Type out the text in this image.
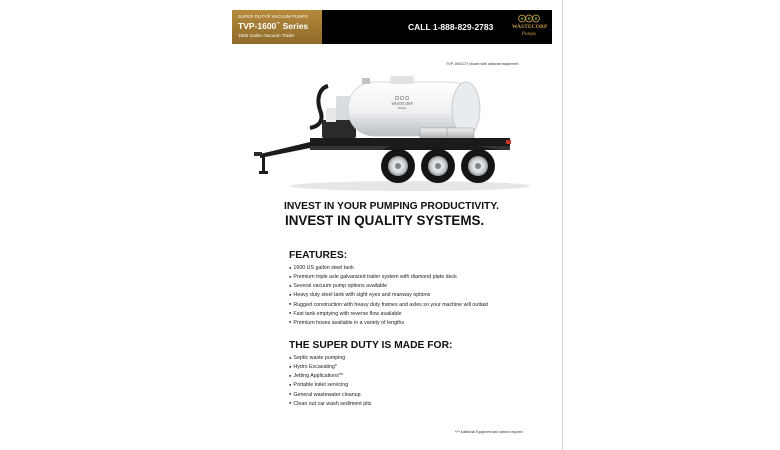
SUPER DUTY® VACUUM PUMPS
TVP-1600™ Series
1600 Gallon Vacuum Trailer
CALL 1-888-829-2783	WASTECORP
Pumps
TVP-1600-DT shown with optional equipment.
WASTECORP
Pumps
INVEST IN YOUR PUMPING PRODUCTIVITY.
INVEST IN QUALITY SYSTEMS.
FEATURES:
● 1600 US gallon steel tank
● Premium triple axle galvanized trailer system with diamond plate deck
● Several vacuum pump options available
● Heavy duty steel tank with sight eyes and manway options
● Rugged construction with heavy duty frames and axles so your machine will outlast
● Fast tank emptying with reverse flow available
● Premium hoses available in a variety of lengths
THE SUPER DUTY IS MADE FOR:
● Septic waste pumping
● Hydro Excavating*
● Jetting Applications**
● Portable toilet servicing
● General wastewater cleanup
● Clean out car wash sediment pits
*/** Additional Equipment and options required
